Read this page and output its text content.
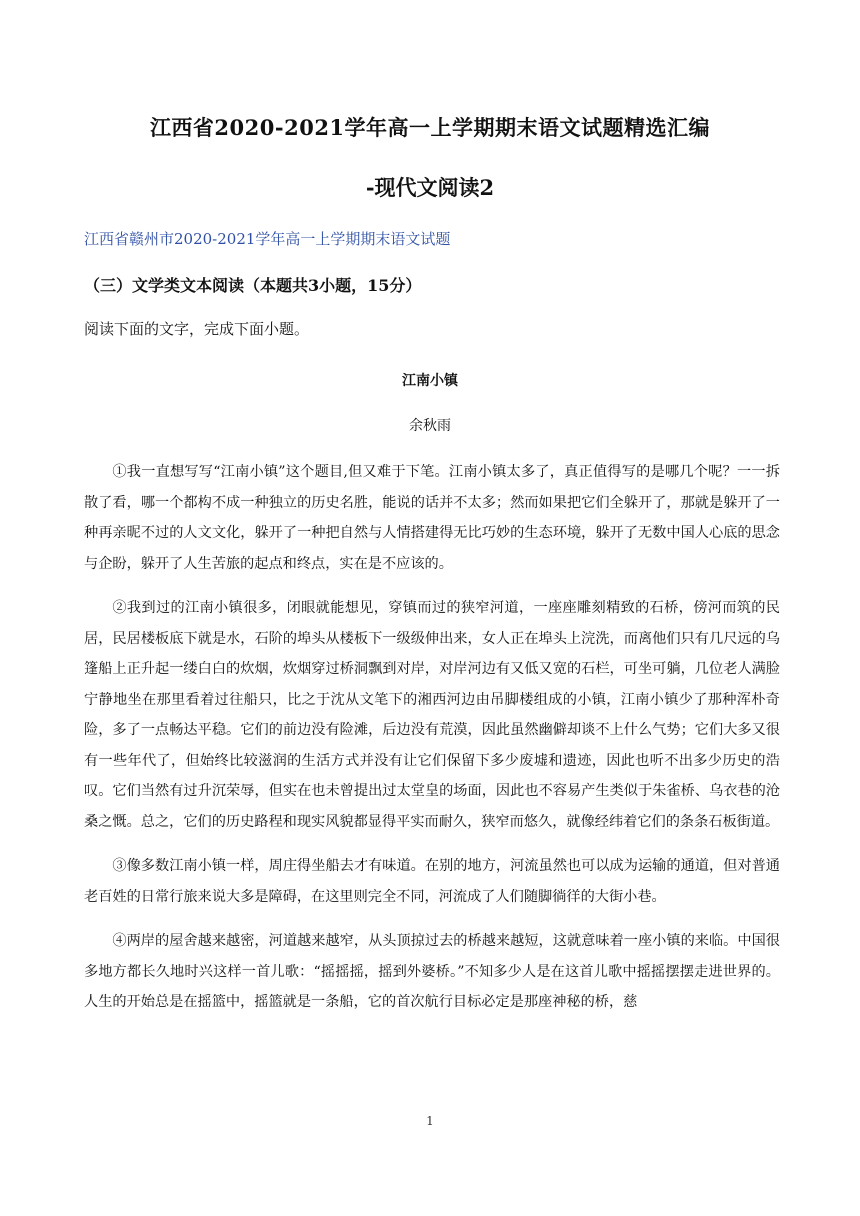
江西省2020-2021学年高一上学期期末语文试题精选汇编
-现代文阅读2
江西省赣州市2020-2021学年高一上学期期末语文试题
（三）文学类文本阅读（本题共3小题，15分）
阅读下面的文字，完成下面小题。
江南小镇
余秋雨

①我一直想写写“江南小镇”这个题目,但又难于下笔。江南小镇太多了，真正值得写的是哪几个呢？一一拆散了看，哪一个都构不成一种独立的历史名胜，能说的话并不太多；然而如果把它们全躲开了，那就是躲开了一种再亲昵不过的人文文化，躲开了一种把自然与人情搭建得无比巧妙的生态环境，躲开了无数中国人心底的思念与企盼，躲开了人生苦旅的起点和终点，实在是不应该的。

②我到过的江南小镇很多，闭眼就能想见，穿镇而过的狭窄河道，一座座雕刻精致的石桥，傍河而筑的民居，民居楼板底下就是水，石阶的埠头从楼板下一级级伸出来，女人正在埠头上浣洗，而离他们只有几尺远的乌篷船上正升起一缕白白的炊烟，炊烟穿过桥洞飘到对岸，对岸河边有又低又宽的石栏，可坐可躺，几位老人满脸宁静地坐在那里看着过往船只，比之于沈从文笔下的湘西河边由吊脚楼组成的小镇，江南小镇少了那种浑朴奇险，多了一点畅达平稳。它们的前边没有险滩，后边没有荒漠，因此虽然幽僻却谈不上什么气势；它们大多又很有一些年代了，但始终比较滋润的生活方式并没有让它们保留下多少废墟和遗迹，因此也听不出多少历史的浩叹。它们当然有过升沉荣辱，但实在也未曾提出过太堂皇的场面，因此也不容易产生类似于朱雀桥、乌衣巷的沧桑之慨。总之，它们的历史路程和现实风貌都显得平实而耐久，狭窄而悠久，就像经纬着它们的条条石板街道。

③像多数江南小镇一样，周庄得坐船去才有味道。在别的地方，河流虽然也可以成为运输的通道，但对普通老百姓的日常行旅来说大多是障碍，在这里则完全不同，河流成了人们随脚徜徉的大街小巷。

④两岸的屋舍越来越密，河道越来越窄，从头顶掠过去的桥越来越短，这就意味着一座小镇的来临。中国很多地方都长久地时兴这样一首儿歌：“摇摇摇，摇到外婆桥。”不知多少人是在这首儿歌中摇摇摆摆走进世界的。人生的开始总是在摇篮中，摇篮就是一条船，它的首次航行目标必定是那座神秘的桥，慈

1
